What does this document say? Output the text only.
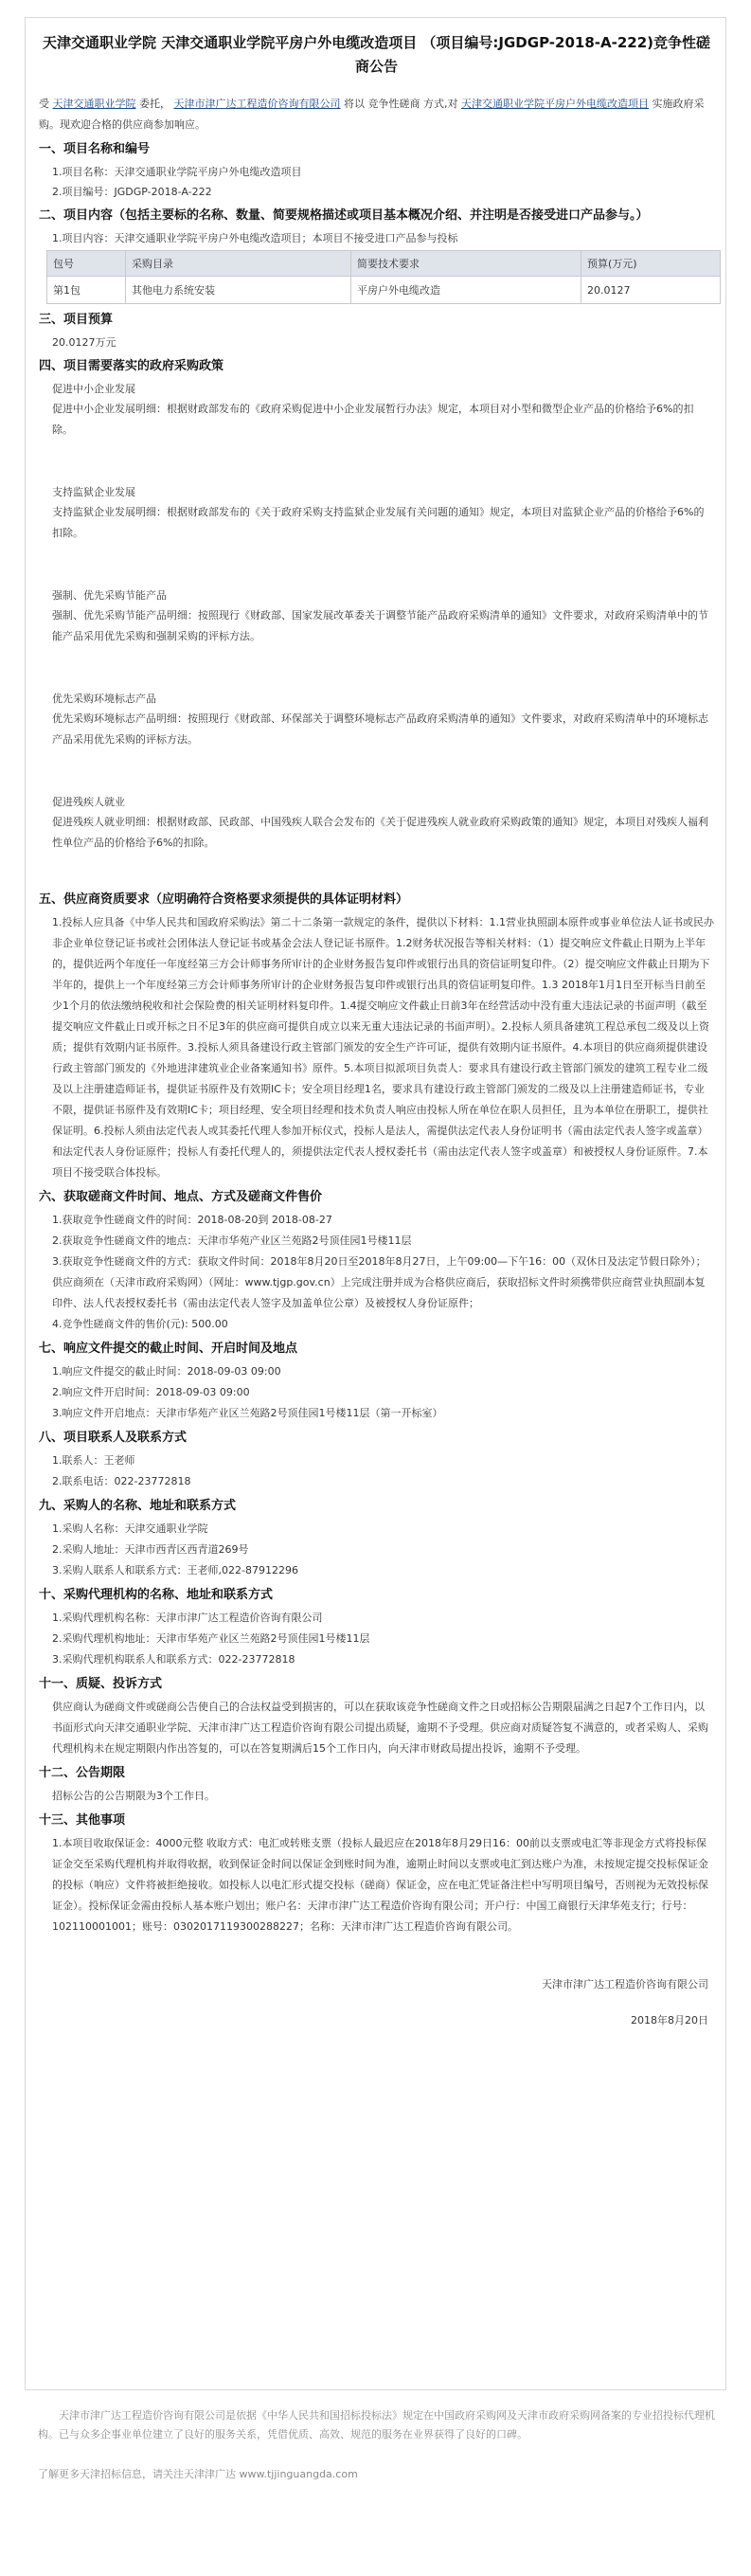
天津交通职业学院 天津交通职业学院平房户外电缆改造项目 （项目编号:JGDGP-2018-A-222)竞争性磋商公告
受 天津交通职业学院 委托， 天津市津广达工程造价咨询有限公司 将以 竞争性磋商 方式,对 天津交通职业学院平房户外电缆改造项目 实施政府采购。现欢迎合格的供应商参加响应。
一、项目名称和编号
1.项目名称：天津交通职业学院平房户外电缆改造项目
2.项目编号：JGDGP-2018-A-222
二、项目内容（包括主要标的名称、数量、简要规格描述或项目基本概况介绍、并注明是否接受进口产品参与。）
1.项目内容：天津交通职业学院平房户外电缆改造项目；本项目不接受进口产品参与投标
包号	采购目录	简要技术要求	预算(万元)
第1包	其他电力系统安装	平房户外电缆改造	20.0127
三、项目预算
20.0127万元
四、项目需要落实的政府采购政策
促进中小企业发展
促进中小企业发展明细：根据财政部发布的《政府采购促进中小企业发展暂行办法》规定，本项目对小型和微型企业产品的价格给予6%的扣除。
支持监狱企业发展
支持监狱企业发展明细：根据财政部发布的《关于政府采购支持监狱企业发展有关问题的通知》规定，本项目对监狱企业产品的价格给予6%的扣除。
强制、优先采购节能产品
强制、优先采购节能产品明细：按照现行《财政部、国家发展改革委关于调整节能产品政府采购清单的通知》文件要求，对政府采购清单中的节能产品采用优先采购和强制采购的评标方法。
优先采购环境标志产品
优先采购环境标志产品明细：按照现行《财政部、环保部关于调整环境标志产品政府采购清单的通知》文件要求，对政府采购清单中的环境标志产品采用优先采购的评标方法。
促进残疾人就业
促进残疾人就业明细：根据财政部、民政部、中国残疾人联合会发布的《关于促进残疾人就业政府采购政策的通知》规定，本项目对残疾人福利性单位产品的价格给予6%的扣除。
五、供应商资质要求（应明确符合资格要求须提供的具体证明材料）
1.投标人应具备《中华人民共和国政府采购法》第二十二条第一款规定的条件，提供以下材料：1.1营业执照副本原件或事业单位法人证书或民办非企业单位登记证书或社会团体法人登记证书或基金会法人登记证书原件。1.2财务状况报告等相关材料：（1）提交响应文件截止日期为上半年的，提供近两个年度任一年度经第三方会计师事务所审计的企业财务报告复印件或银行出具的资信证明复印件。（2）提交响应文件截止日期为下半年的，提供上一个年度经第三方会计师事务所审计的企业财务报告复印件或银行出具的资信证明复印件。1.3 2018年1月1日至开标当日前至少1个月的依法缴纳税收和社会保险费的相关证明材料复印件。1.4提交响应文件截止日前3年在经营活动中没有重大违法记录的书面声明（截至提交响应文件截止日或开标之日不足3年的供应商可提供自成立以来无重大违法记录的书面声明）。2.投标人须具备建筑工程总承包二级及以上资质；提供有效期内证书原件。3.投标人须具备建设行政主管部门颁发的安全生产许可证，提供有效期内证书原件。4.本项目的供应商须提供建设行政主管部门颁发的《外地进津建筑业企业备案通知书》原件。5.本项目拟派项目负责人：要求具有建设行政主管部门颁发的建筑工程专业二级及以上注册建造师证书，提供证书原件及有效期IC卡；安全项目经理1名，要求具有建设行政主管部门颁发的二级及以上注册建造师证书，专业不限，提供证书原件及有效期IC卡；项目经理、安全项目经理和技术负责人响应由投标人所在单位在职人员担任，且为本单位在册职工，提供社保证明。6.投标人须由法定代表人或其委托代理人参加开标仪式，投标人是法人，需提供法定代表人身份证明书（需由法定代表人签字或盖章）和法定代表人身份证原件；投标人有委托代理人的，须提供法定代表人授权委托书（需由法定代表人签字或盖章）和被授权人身份证原件。7.本项目不接受联合体投标。
六、获取磋商文件时间、地点、方式及磋商文件售价
1.获取竞争性磋商文件的时间：2018-08-20到 2018-08-27
2.获取竞争性磋商文件的地点：天津市华苑产业区兰苑路2号顶佳园1号楼11层
3.获取竞争性磋商文件的方式：获取文件时间：2018年8月20日至2018年8月27日，上午09:00—下午16：00（双休日及法定节假日除外）；供应商须在（天津市政府采购网）（网址：www.tjgp.gov.cn）上完成注册并成为合格供应商后，获取招标文件时须携带供应商营业执照副本复印件、法人代表授权委托书（需由法定代表人签字及加盖单位公章）及被授权人身份证原件；
4.竞争性磋商文件的售价(元): 500.00
七、响应文件提交的截止时间、开启时间及地点
1.响应文件提交的截止时间：2018-09-03 09:00
2.响应文件开启时间：2018-09-03 09:00
3.响应文件开启地点：天津市华苑产业区兰苑路2号顶佳园1号楼11层（第一开标室）
八、项目联系人及联系方式
1.联系人：王老师
2.联系电话：022-23772818
九、采购人的名称、地址和联系方式
1.采购人名称：天津交通职业学院
2.采购人地址：天津市西青区西青道269号
3.采购人联系人和联系方式：王老师,022-87912296
十、采购代理机构的名称、地址和联系方式
1.采购代理机构名称：天津市津广达工程造价咨询有限公司
2.采购代理机构地址：天津市华苑产业区兰苑路2号顶佳园1号楼11层
3.采购代理机构联系人和联系方式：022-23772818
十一、质疑、投诉方式
供应商认为磋商文件或磋商公告使自己的合法权益受到损害的，可以在获取该竞争性磋商文件之日或招标公告期限届满之日起7个工作日内，以书面形式向天津交通职业学院、天津市津广达工程造价咨询有限公司提出质疑，逾期不予受理。供应商对质疑答复不满意的，或者采购人、采购代理机构未在规定期限内作出答复的，可以在答复期满后15个工作日内，向天津市财政局提出投诉，逾期不予受理。
十二、公告期限
招标公告的公告期限为3个工作日。
十三、其他事项
1.本项目收取保证金：4000元整 收取方式：电汇或转账支票（投标人最迟应在2018年8月29日16：00前以支票或电汇等非现金方式将投标保证金交至采购代理机构并取得收据，收到保证金时间以保证金到账时间为准，逾期止时间以支票或电汇到达账户为准，未按规定提交投标保证金的投标（响应）文件将被拒绝接收。如投标人以电汇形式提交投标（磋商）保证金，应在电汇凭证备注栏中写明项目编号，否则视为无效投标保证金）。投标保证金需由投标人基本账户划出；账户名：天津市津广达工程造价咨询有限公司；开户行：中国工商银行天津华苑支行；行号：102110001001；账号：0302017119300288227；名称：天津市津广达工程造价咨询有限公司。
天津市津广达工程造价咨询有限公司
2018年8月20日
天津市津广达工程造价咨询有限公司是依据《中华人民共和国招标投标法》规定在中国政府采购网及天津市政府采购网备案的专业招投标代理机构。已与众多企事业单位建立了良好的服务关系，凭借优质、高效、规范的服务在业界获得了良好的口碑。
了解更多天津招标信息，请关注天津津广达 www.tjjinguangda.com
